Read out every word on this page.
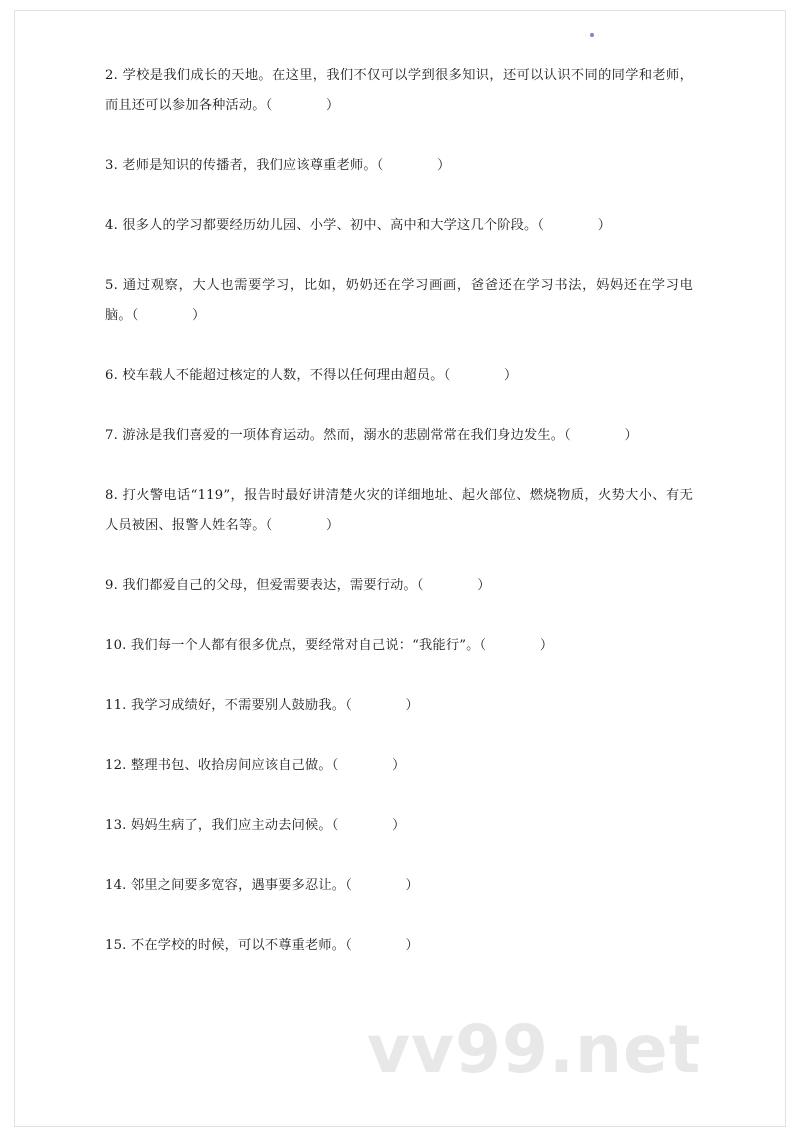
2. 学校是我们成长的天地。在这里，我们不仅可以学到很多知识，还可以认识不同的同学和老师，而且还可以参加各种活动。（　　　　）

3. 老师是知识的传播者，我们应该尊重老师。（　　　　）

4. 很多人的学习都要经历幼儿园、小学、初中、高中和大学这几个阶段。（　　　　）

5. 通过观察，大人也需要学习，比如，奶奶还在学习画画，爸爸还在学习书法，妈妈还在学习电脑。（　　　　）

6. 校车载人不能超过核定的人数，不得以任何理由超员。（　　　　）

7. 游泳是我们喜爱的一项体育运动。然而，溺水的悲剧常常在我们身边发生。（　　　　）

8. 打火警电话“119”，报告时最好讲清楚火灾的详细地址、起火部位、燃烧物质，火势大小、有无人员被困、报警人姓名等。（　　　　）

9. 我们都爱自己的父母，但爱需要表达，需要行动。（　　　　）

10. 我们每一个人都有很多优点，要经常对自己说：“我能行”。（　　　　）

11. 我学习成绩好，不需要别人鼓励我。（　　　　）

12. 整理书包、收拾房间应该自己做。（　　　　）

13. 妈妈生病了，我们应主动去问候。（　　　　）

14. 邻里之间要多宽容，遇事要多忍让。（　　　　）

15. 不在学校的时候，可以不尊重老师。（　　　　）

vv99.net
